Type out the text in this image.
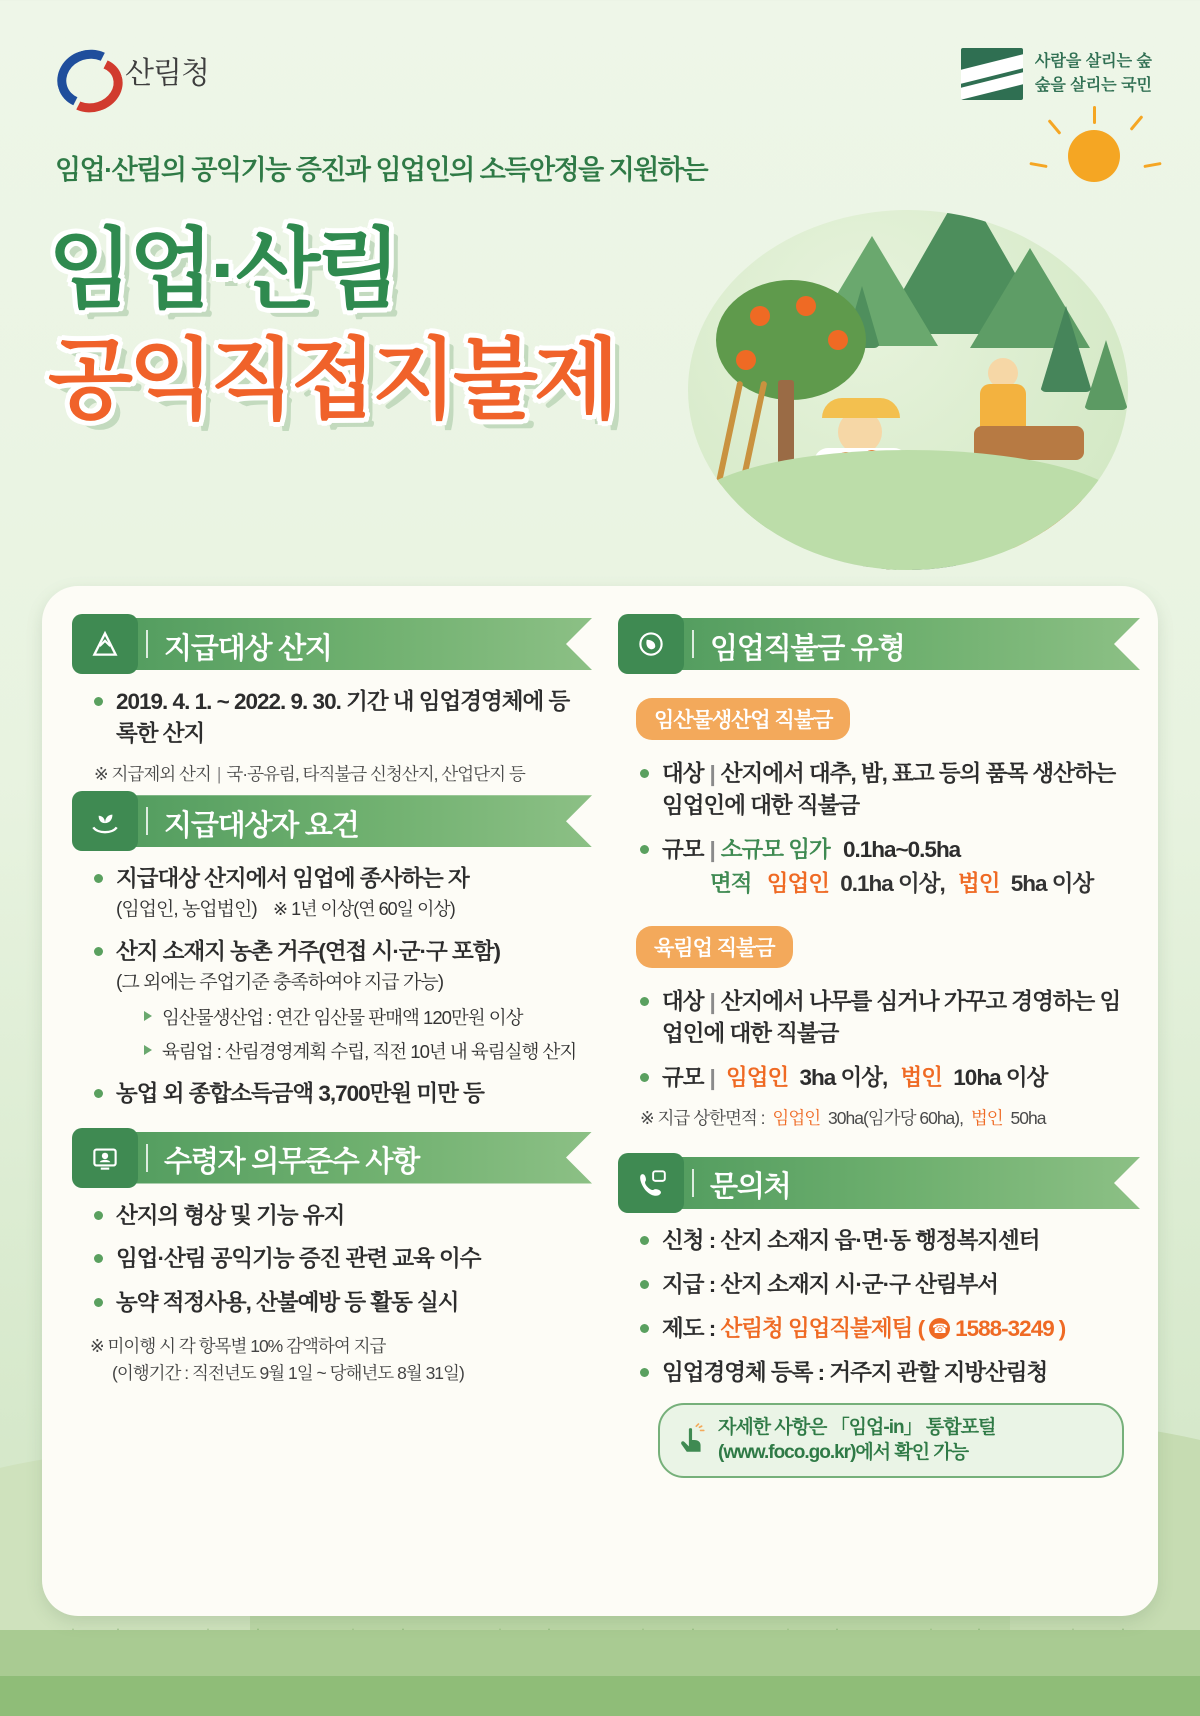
산림청	사람을 살리는 숲
숲을 살리는 국민
임업·산림의 공익기능 증진과 임업인의 소득안정을 지원하는
임업·산림
공익직접지불제
지급대상 산지
2019. 4. 1. ~ 2022. 9. 30. 기간 내 임업경영체에 등록한 산지
※ 지급제외 산지 | 국·공유림, 타직불금 신청산지, 산업단지 등
지급대상자 요건
지급대상 산지에서 임업에 종사하는 자
(임업인, 농업법인) ※ 1년 이상(연 60일 이상)
산지 소재지 농촌 거주(연접 시·군·구 포함)
(그 외에는 주업기준 충족하여야 지급 가능)
임산물생산업 : 연간 임산물 판매액 120만원 이상
육림업 : 산림경영계획 수립, 직전 10년 내 육림실행 산지
농업 외 종합소득금액 3,700만원 미만 등
수령자 의무준수 사항
산지의 형상 및 기능 유지
임업·산림 공익기능 증진 관련 교육 이수
농약 적정사용, 산불예방 등 활동 실시
※ 미이행 시 각 항목별 10% 감액하여 지급
(이행기간 : 직전년도 9월 1일 ~ 당해년도 8월 31일)
임업직불금 유형
임산물생산업 직불금
대상 | 산지에서 대추, 밤, 표고 등의 품목 생산하는 임업인에 대한 직불금
규모 | 소규모 임가 0.1ha~0.5ha
면적 임업인 0.1ha 이상, 법인 5ha 이상
육림업 직불금
대상 | 산지에서 나무를 심거나 가꾸고 경영하는 임업인에 대한 직불금
규모 | 임업인 3ha 이상, 법인 10ha 이상
※ 지급 상한면적 : 임업인 30ha(임가당 60ha), 법인 50ha
문의처
신청 : 산지 소재지 읍·면·동 행정복지센터
지급 : 산지 소재지 시·군·구 산림부서
제도 : 산림청 임업직불제팀 ( ☎ 1588-3249 )
임업경영체 등록 : 거주지 관할 지방산림청
자세한 사항은 「임업-in」 통합포털
(www.foco.go.kr)에서 확인 가능
